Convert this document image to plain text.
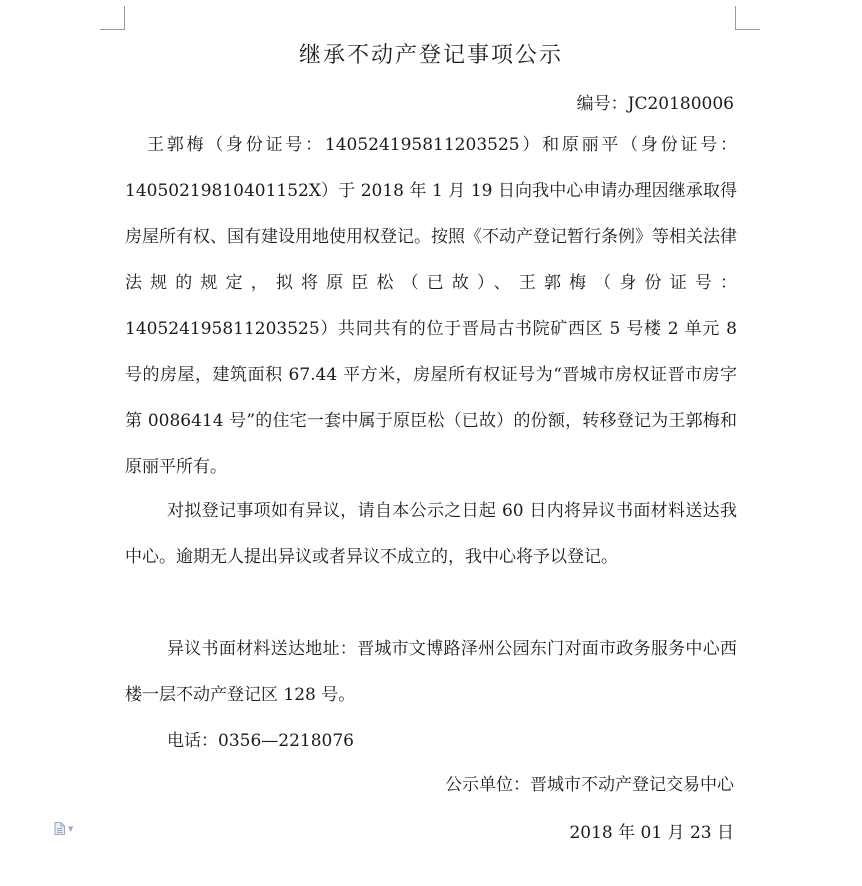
继承不动产登记事项公示
编号：JC20180006

王郭梅（身份证号：140524195811203525）和原丽平（身份证号：1405021981040115​2X）于 2018 年 1 月 19 日向我中心申请办理因继承取得房屋所有权、国有建设用地使用权登记。按照《不动产登记暂行条例》等相关法律法规的规定，拟将原臣松（已故）、王郭梅（身份证号：140524195811203525）共同共有的位于晋局古书院矿西区 5 号楼 2 单元 8 号的房屋，建筑面积 67.44 平方米，房屋所有权证号为“晋城市房权证晋市房字第 0086414 号”的住宅一套中属于原臣松（已故）的份额，转移登记为王郭梅和原丽平所有。

对拟登记事项如有异议，请自本公示之日起 60 日内将异议书面材料送达我中心。逾期无人提出异议或者异议不成立的，我中心将予以登记。

异议书面材料送达地址：晋城市文博路泽州公园东门对面市政务服务中心西楼一层不动产登记区 128 号。

电话：0356—2218076

公示单位：晋城市不动产登记交易中心
2018 年 01 月 23 日
▼
